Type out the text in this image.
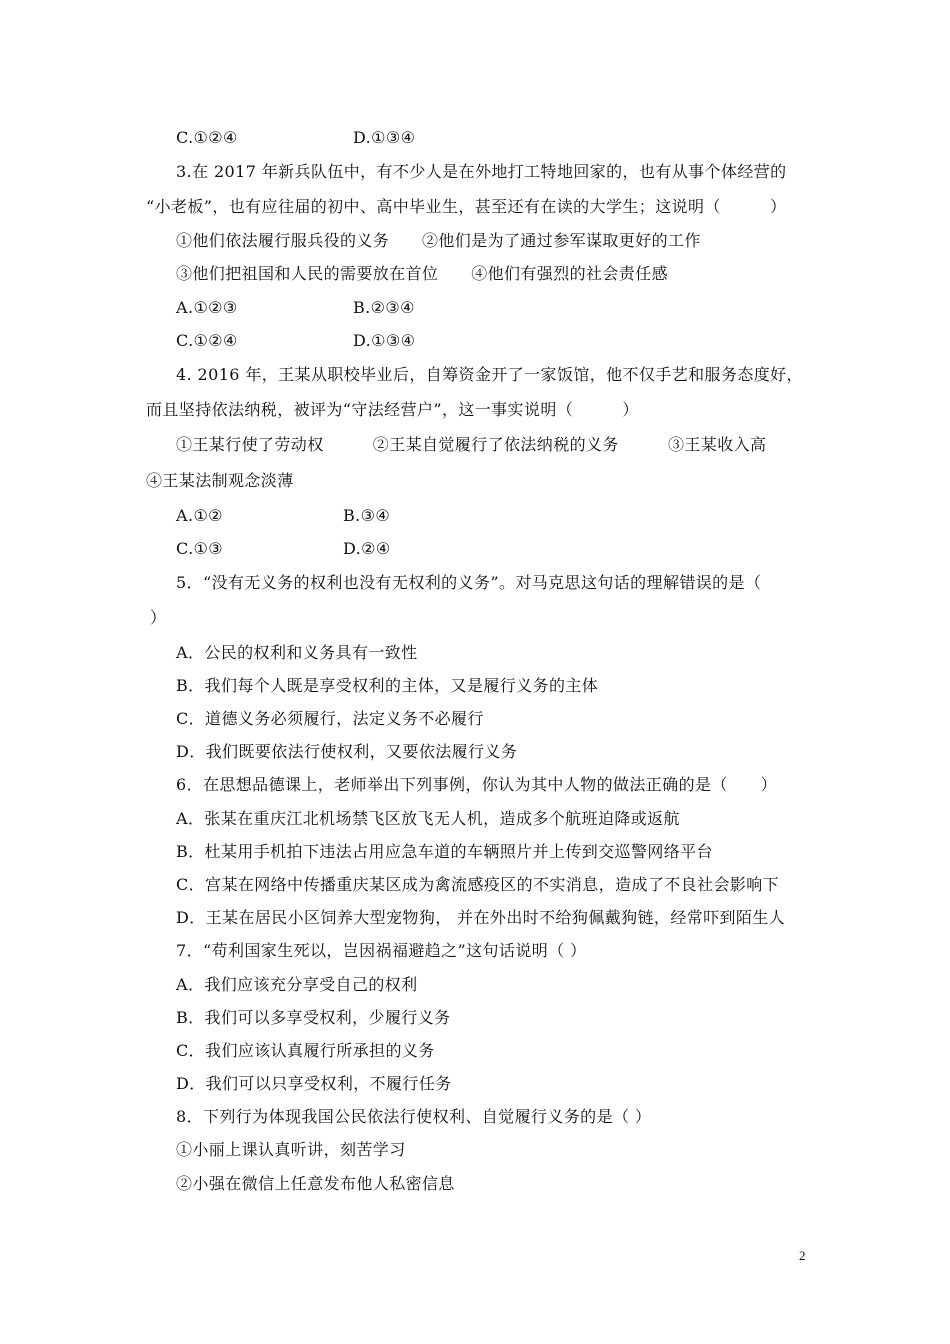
C.①②④	D.①③④
3.在 2017 年新兵队伍中，有不少人是在外地打工特地回家的，也有从事个体经营的
“小老板”，也有应往届的初中、高中毕业生，甚至还有在读的大学生；这说明（　　　）
①他们依法履行服兵役的义务　　②他们是为了通过参军谋取更好的工作
③他们把祖国和人民的需要放在首位　　④他们有强烈的社会责任感
A.①②③	B.②③④
C.①②④	D.①③④
4. 2016 年，王某从职校毕业后，自筹资金开了一家饭馆，他不仅手艺和服务态度好，
而且坚持依法纳税，被评为“守法经营户”，这一事实说明（　　　）
①王某行使了劳动权　　　②王某自觉履行了依法纳税的义务　　　③王某收入高
④王某法制观念淡薄
A.①②	B.③④
C.①③	D.②④
5．“没有无义务的权利也没有无权利的义务”。对马克思这句话的理解错误的是（
）
A．公民的权利和义务具有一致性
B．我们每个人既是享受权利的主体，又是履行义务的主体
C．道德义务必须履行，法定义务不必履行
D．我们既要依法行使权利，又要依法履行义务
6．在思想品德课上，老师举出下列事例，你认为其中人物的做法正确的是（　　）
A．张某在重庆江北机场禁飞区放飞无人机，造成多个航班迫降或返航
B．杜某用手机拍下违法占用应急车道的车辆照片并上传到交巡警网络平台
C．宫某在网络中传播重庆某区成为禽流感疫区的不实消息，造成了不良社会影响下
D．王某在居民小区饲养大型宠物狗， 并在外出时不给狗佩戴狗链，经常吓到陌生人
7．“苟利国家生死以，岂因祸福避趋之”这句话说明（ ）
A．我们应该充分享受自己的权利
B．我们可以多享受权利，少履行义务
C．我们应该认真履行所承担的义务
D．我们可以只享受权利，不履行任务
8．下列行为体现我国公民依法行使权利、自觉履行义务的是（ ）
①小丽上课认真听讲，刻苦学习
②小强在微信上任意发布他人私密信息
2
